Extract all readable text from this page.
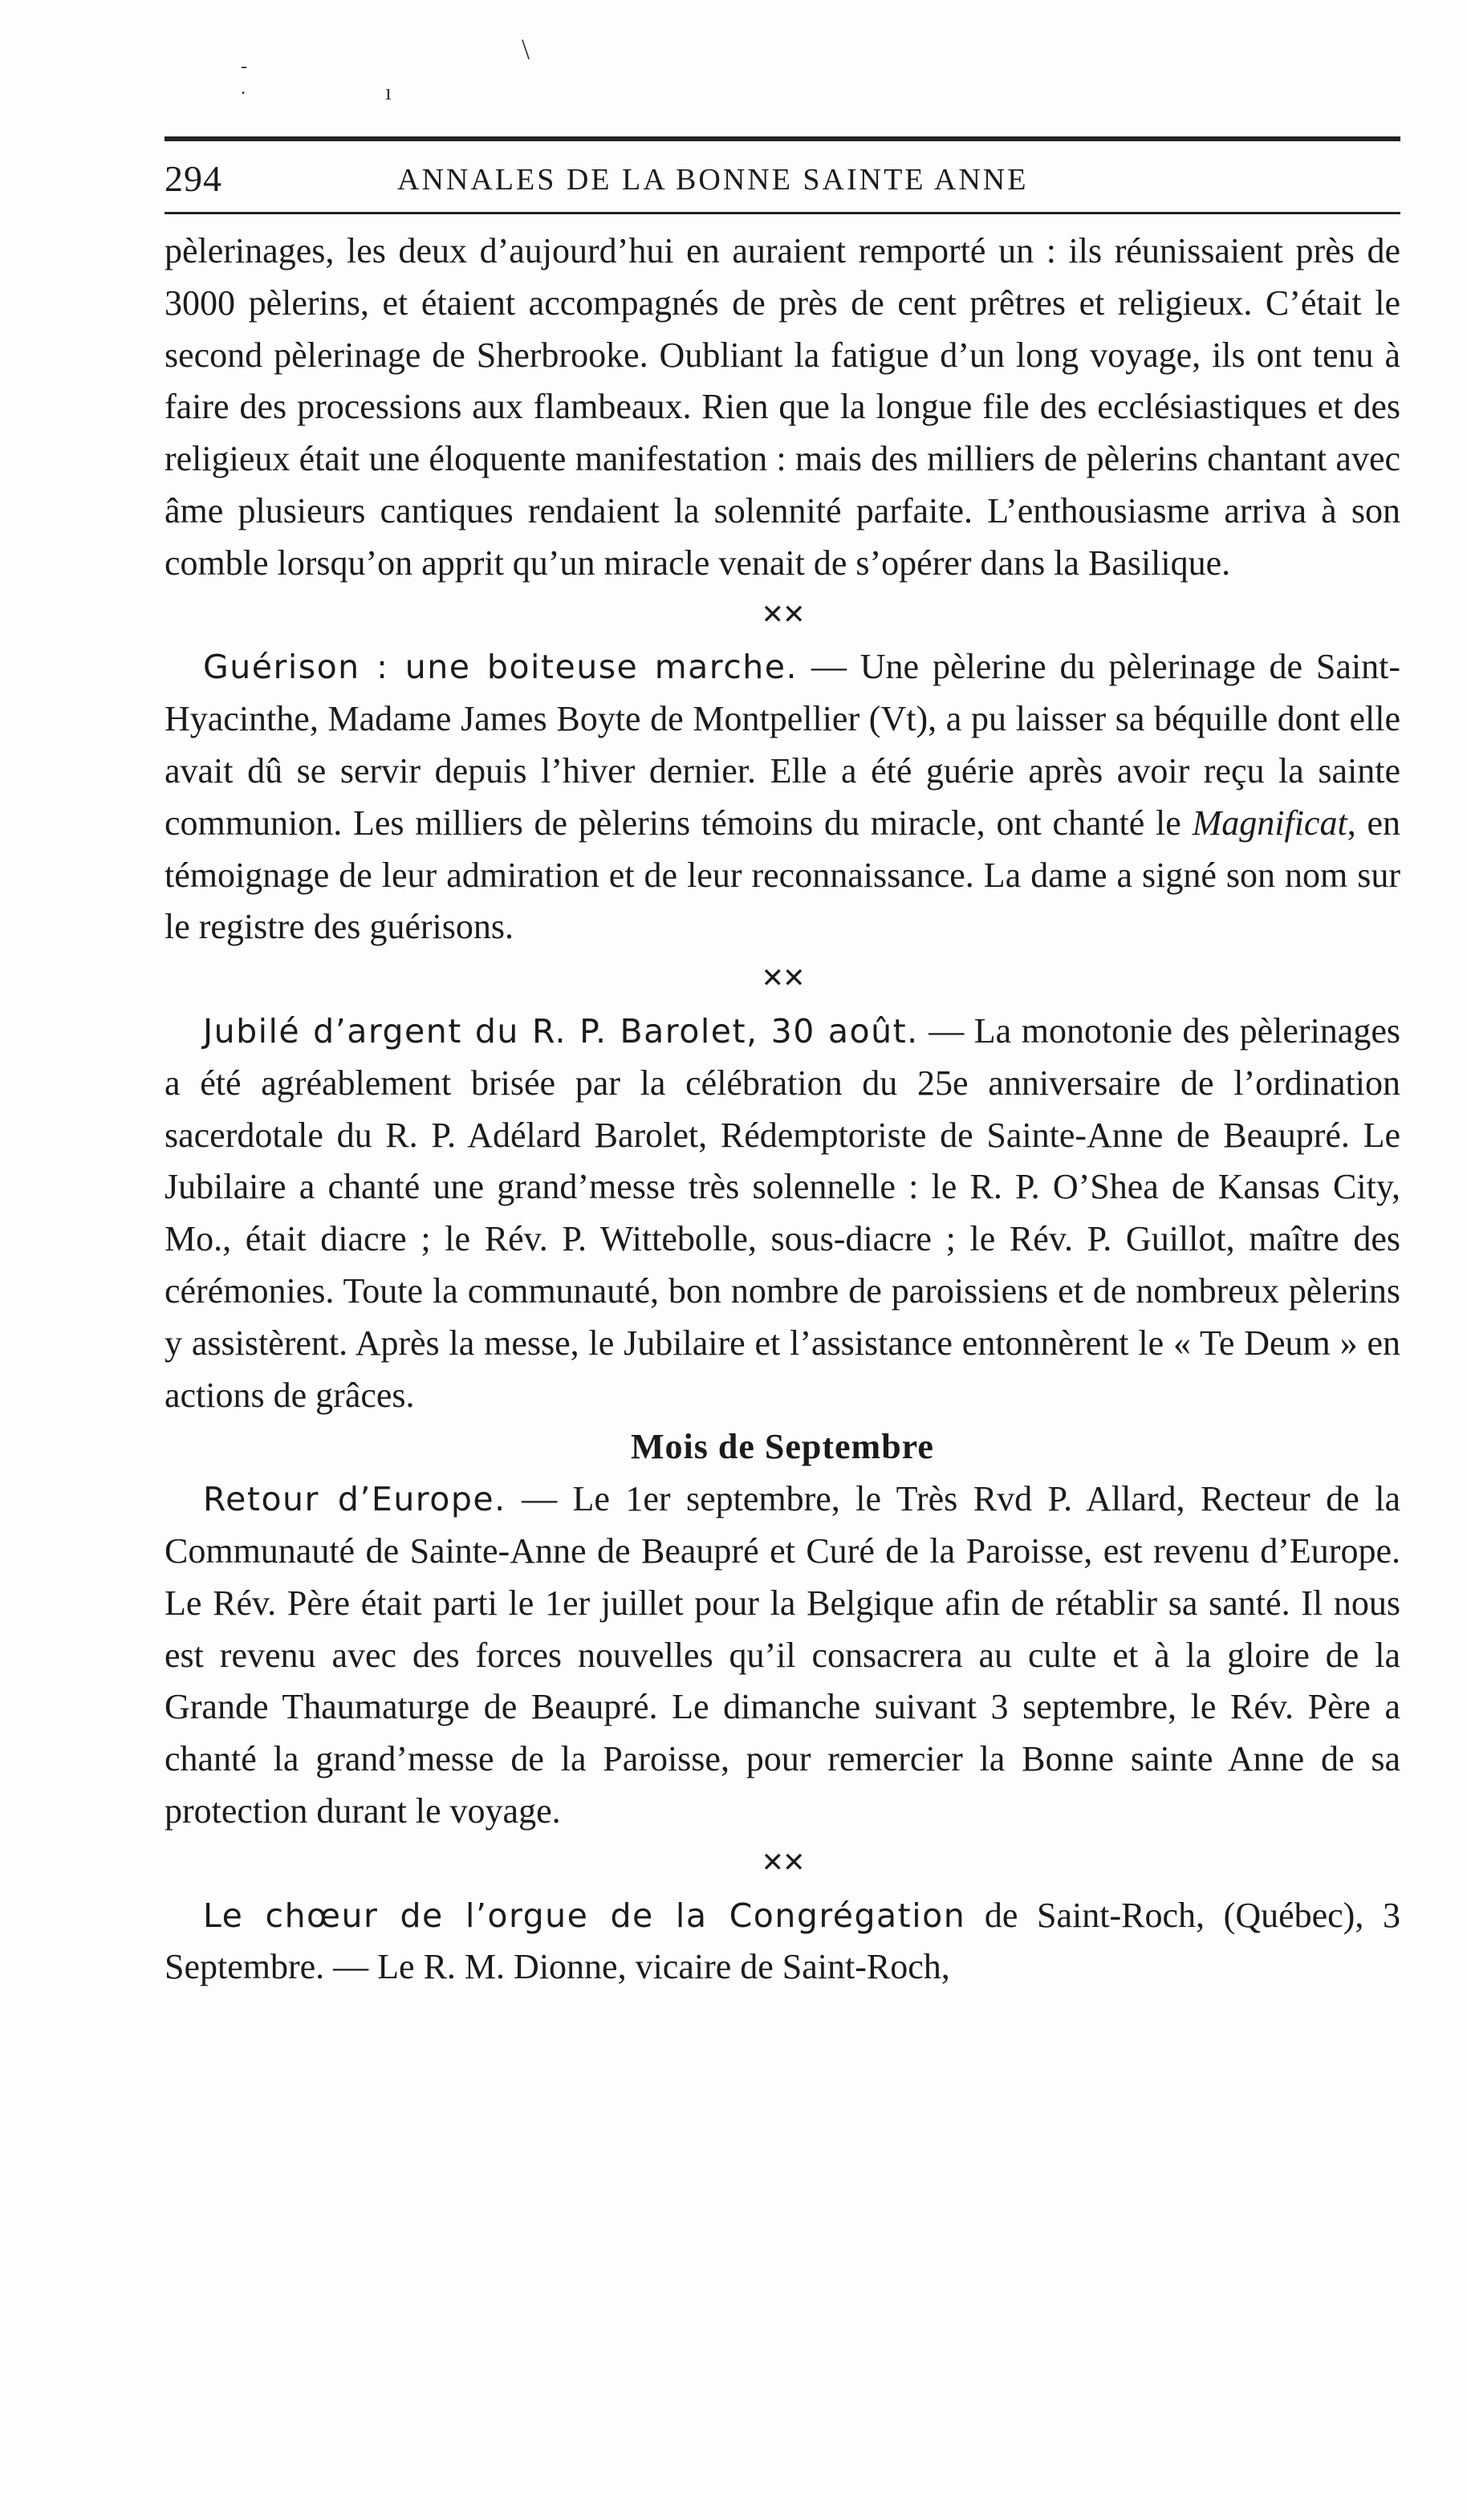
294	ANNALES DE LA BONNE SAINTE ANNE

pèlerinages, les deux d’aujourd’hui en auraient remporté un : ils réunissaient près de 3000 pèlerins, et étaient accompagnés de près de cent prêtres et religieux. C’était le second pèlerinage de Sherbrooke. Oubliant la fatigue d’un long voyage, ils ont tenu à faire des processions aux flambeaux. Rien que la longue file des ecclésiastiques et des religieux était une éloquente manifestation : mais des milliers de pèlerins chantant avec âme plusieurs cantiques rendaient la solennité parfaite. L’enthousiasme arriva à son comble lorsqu’on apprit qu’un miracle venait de s’opérer dans la Basilique.

✕✕

Guérison : une boiteuse marche. — Une pèlerine du pèlerinage de Saint-Hyacinthe, Madame James Boyte de Montpellier (Vt), a pu laisser sa béquille dont elle avait dû se servir depuis l’hiver dernier. Elle a été guérie après avoir reçu la sainte communion. Les milliers de pèlerins témoins du miracle, ont chanté le Magnificat, en témoignage de leur admiration et de leur reconnaissance. La dame a signé son nom sur le registre des guérisons.

✕✕

Jubilé d’argent du R. P. Barolet, 30 août. — La monotonie des pèlerinages a été agréablement brisée par la célébration du 25e anniversaire de l’ordination sacerdotale du R. P. Adélard Barolet, Rédemptoriste de Sainte-Anne de Beaupré. Le Jubilaire a chanté une grand’messe très solennelle : le R. P. O’Shea de Kansas City, Mo., était diacre ; le Rév. P. Wittebolle, sous-diacre ; le Rév. P. Guillot, maître des cérémonies. Toute la communauté, bon nombre de paroissiens et de nombreux pèlerins y assistèrent. Après la messe, le Jubilaire et l’assistance entonnèrent le « Te Deum » en actions de grâces.

Mois de Septembre

Retour d’Europe. — Le 1er septembre, le Très Rvd P. Allard, Recteur de la Communauté de Sainte-Anne de Beaupré et Curé de la Paroisse, est revenu d’Europe. Le Rév. Père était parti le 1er juillet pour la Belgique afin de rétablir sa santé. Il nous est revenu avec des forces nouvelles qu’il consacrera au culte et à la gloire de la Grande Thaumaturge de Beaupré. Le dimanche suivant 3 septembre, le Rév. Père a chanté la grand’messe de la Paroisse, pour remercier la Bonne sainte Anne de sa protection durant le voyage.

✕✕

Le chœur de l’orgue de la Congrégation de Saint-Roch, (Québec), 3 Septembre. — Le R. M. Dionne, vicaire de Saint-Roch,

\
ı
- .
